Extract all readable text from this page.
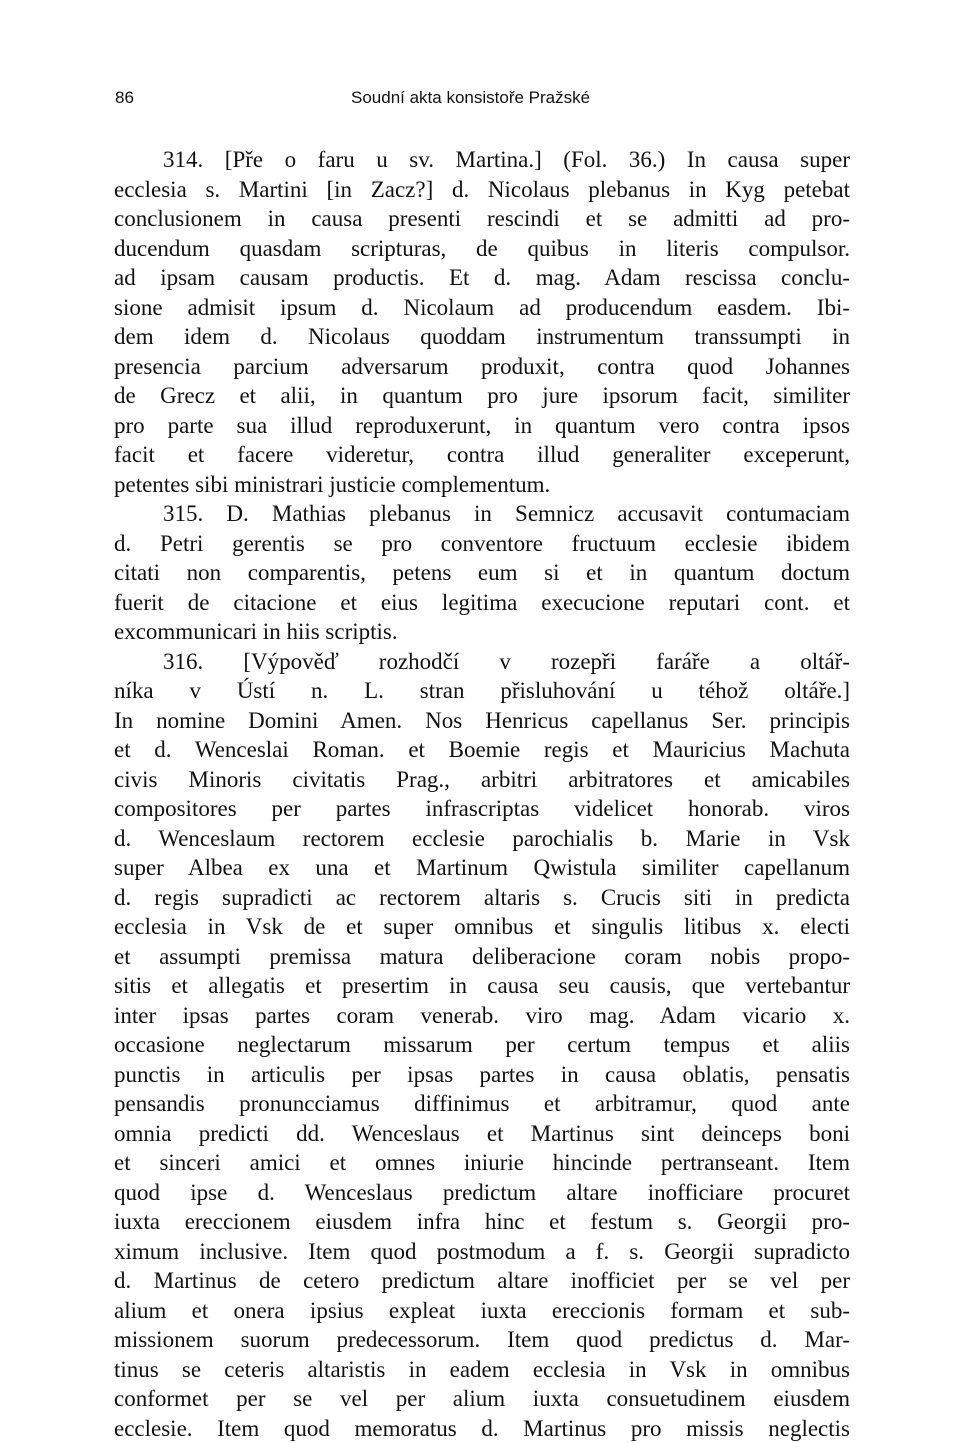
86	Soudní akta konsistoře Pražské
314. [Pře o faru u sv. Martina.] (Fol. 36.) In causa super
ecclesia s. Martini [in Zacz?] d. Nicolaus plebanus in Kyg petebat
conclusionem in causa presenti rescindi et se admitti ad pro-
ducendum quasdam scripturas, de quibus in literis compulsor.
ad ipsam causam productis. Et d. mag. Adam rescissa conclu-
sione admisit ipsum d. Nicolaum ad producendum easdem. Ibi-
dem idem d. Nicolaus quoddam instrumentum transsumpti in
presencia parcium adversarum produxit, contra quod Johannes
de Grecz et alii, in quantum pro jure ipsorum facit, similiter
pro parte sua illud reproduxerunt, in quantum vero contra ipsos
facit et facere videretur, contra illud generaliter exceperunt,
petentes sibi ministrari justicie complementum.
315. D. Mathias plebanus in Semnicz accusavit contumaciam
d. Petri gerentis se pro conventore fructuum ecclesie ibidem
citati non comparentis, petens eum si et in quantum doctum
fuerit de citacione et eius legitima execucione reputari cont. et
excommunicari in hiis scriptis.
316. [Výpověď rozhodčí v rozepři faráře a oltář-
níka v Ústí n. L. stran přisluhování u téhož oltáře.]
In nomine Domini Amen. Nos Henricus capellanus Ser. principis
et d. Wenceslai Roman. et Boemie regis et Mauricius Machuta
civis Minoris civitatis Prag., arbitri arbitratores et amicabiles
compositores per partes infrascriptas videlicet honorab. viros
d. Wenceslaum rectorem ecclesie parochialis b. Marie in Vsk
super Albea ex una et Martinum Qwistula similiter capellanum
d. regis supradicti ac rectorem altaris s. Crucis siti in predicta
ecclesia in Vsk de et super omnibus et singulis litibus x. electi
et assumpti premissa matura deliberacione coram nobis propo-
sitis et allegatis et presertim in causa seu causis, que vertebantur
inter ipsas partes coram venerab. viro mag. Adam vicario x.
occasione neglectarum missarum per certum tempus et aliis
punctis in articulis per ipsas partes in causa oblatis, pensatis
pensandis pronuncciamus diffinimus et arbitramur, quod ante
omnia predicti dd. Wenceslaus et Martinus sint deinceps boni
et sinceri amici et omnes iniurie hincinde pertranseant. Item
quod ipse d. Wenceslaus predictum altare inofficiare procuret
iuxta ereccionem eiusdem infra hinc et festum s. Georgii pro-
ximum inclusive. Item quod postmodum a f. s. Georgii supradicto
d. Martinus de cetero predictum altare inofficiet per se vel per
alium et onera ipsius expleat iuxta ereccionis formam et sub-
missionem suorum predecessorum. Item quod predictus d. Mar-
tinus se ceteris altaristis in eadem ecclesia in Vsk in omnibus
conformet per se vel per alium iuxta consuetudinem eiusdem
ecclesie. Item quod memoratus d. Martinus pro missis neglectis
